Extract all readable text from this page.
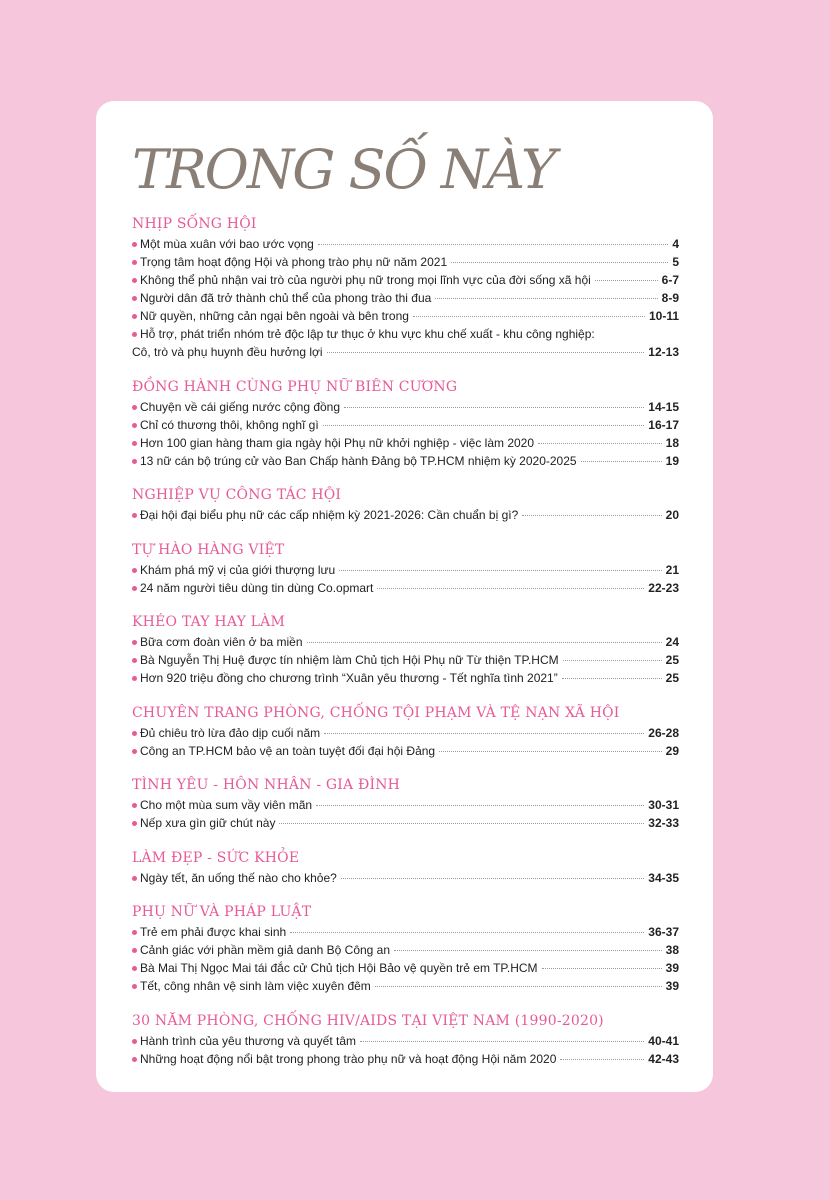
TRONG SỐ NÀY
NHỊP SỐNG HỘI
Một mùa xuân với bao ước vọng	4
Trọng tâm hoạt động Hội và phong trào phụ nữ năm 2021	5
Không thể phủ nhận vai trò của người phụ nữ trong mọi lĩnh vực của đời sống xã hội	6-7
Người dân đã trở thành chủ thể của phong trào thi đua	8-9
Nữ quyền, những cản ngại bên ngoài và bên trong	10-11
Hỗ trợ, phát triển nhóm trẻ độc lập tư thục ở khu vực khu chế xuất - khu công nghiệp:
Cô, trò và phụ huynh đều hưởng lợi	12-13
ĐỒNG HÀNH CÙNG PHỤ NỮ BIÊN CƯƠNG
Chuyện về cái giếng nước cộng đồng	14-15
Chỉ có thương thôi, không nghĩ gì	16-17
Hơn 100 gian hàng tham gia ngày hội Phụ nữ khởi nghiệp - việc làm 2020	18
13 nữ cán bộ trúng cử vào Ban Chấp hành Đảng bộ TP.HCM nhiệm kỳ 2020-2025	19
NGHIỆP VỤ CÔNG TÁC HỘI
Đại hội đại biểu phụ nữ các cấp nhiệm kỳ 2021-2026: Cần chuẩn bị gì?	20
TỰ HÀO HÀNG VIỆT
Khám phá mỹ vị của giới thượng lưu	21
24 năm người tiêu dùng tin dùng Co.opmart	22-23
KHÉO TAY HAY LÀM
Bữa cơm đoàn viên ở ba miền	24
Bà Nguyễn Thị Huệ được tín nhiệm làm Chủ tịch Hội Phụ nữ Từ thiện TP.HCM	25
Hơn 920 triệu đồng cho chương trình “Xuân yêu thương - Tết nghĩa tình 2021”	25
CHUYÊN TRANG PHÒNG, CHỐNG TỘI PHẠM VÀ TỆ NẠN XÃ HỘI
Đủ chiêu trò lừa đảo dịp cuối năm	26-28
Công an TP.HCM bảo vệ an toàn tuyệt đối đại hội Đảng	29
TÌNH YÊU - HÔN NHÂN - GIA ĐÌNH
Cho một mùa sum vầy viên mãn	30-31
Nếp xưa gìn giữ chút này	32-33
LÀM ĐẸP - SỨC KHỎE
Ngày tết, ăn uống thế nào cho khỏe?	34-35
PHỤ NỮ VÀ PHÁP LUẬT
Trẻ em phải được khai sinh	36-37
Cảnh giác với phần mềm giả danh Bộ Công an	38
Bà Mai Thị Ngọc Mai tái đắc cử Chủ tịch Hội Bảo vệ quyền trẻ em TP.HCM	39
Tết, công nhân vệ sinh làm việc xuyên đêm	39
30 NĂM PHÒNG, CHỐNG HIV/AIDS TẠI VIỆT NAM (1990-2020)
Hành trình của yêu thương và quyết tâm	40-41
Những hoạt động nổi bật trong phong trào phụ nữ và hoạt động Hội năm 2020	42-43
